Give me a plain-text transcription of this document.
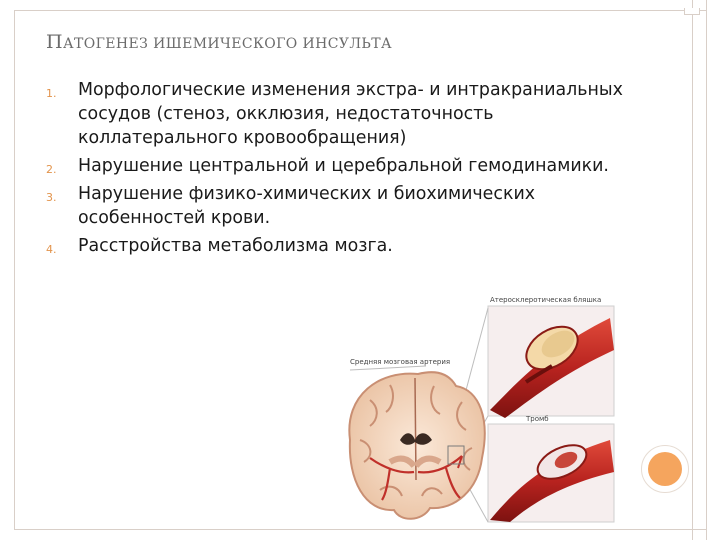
ПАТОГЕНЕЗ ИШЕМИЧЕСКОГО ИНСУЛЬТА
1. Морфологические изменения экстра- и интракраниальных сосудов (стеноз, окклюзия, недостаточность коллатерального кровообращения)
2. Нарушение центральной и церебральной гемодинамики.
3. Нарушение физико-химических и биохимических особенностей крови.
4. Расстройства метаболизма мозга.
Атеросклеротическая бляшка
Тромб
Средняя мозговая артерия
